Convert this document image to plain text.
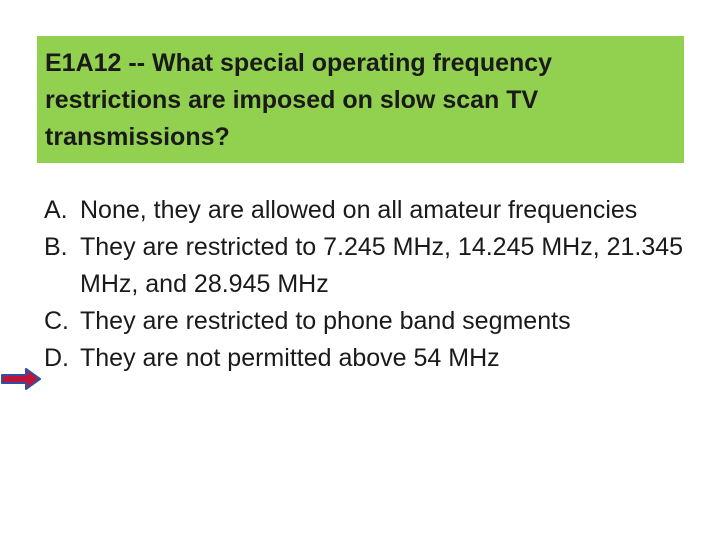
E1A12 -- What special operating frequency restrictions are imposed on slow scan TV transmissions?

A. None, they are allowed on all amateur frequencies
B. They are restricted to 7.245 MHz, 14.245 MHz, 21.345 MHz, and 28.945 MHz
C. They are restricted to phone band segments
D. They are not permitted above 54 MHz
